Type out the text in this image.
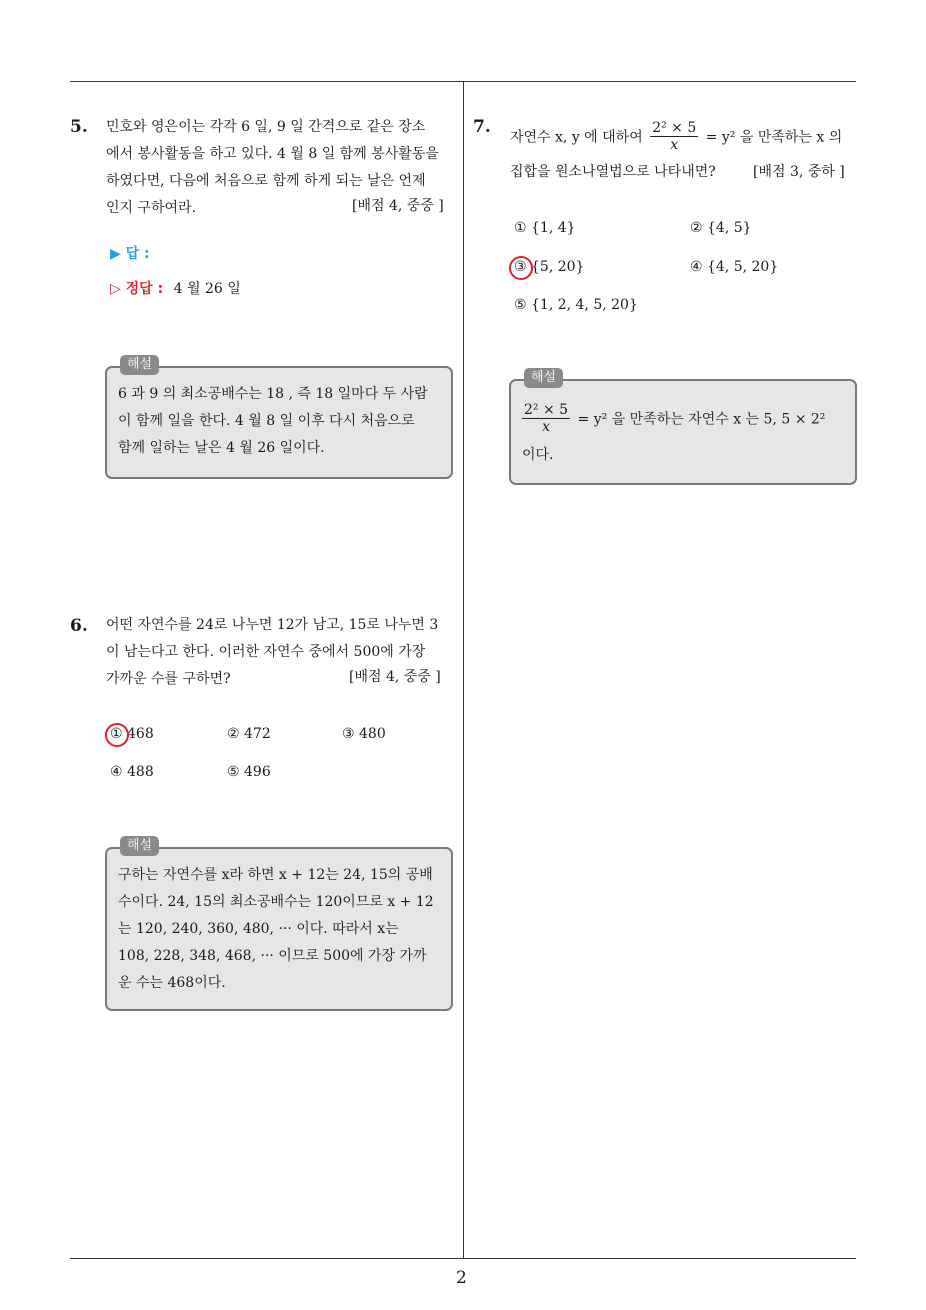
5. 민호와 영은이는 각각 6 일, 9 일 간격으로 같은 장소
에서 봉사활동을 하고 있다. 4 월 8 일 함께 봉사활동을
하였다면, 다음에 처음으로 함께 하게 되는 날은 언제
인지 구하여라.	[배점 4, 중중 ]
▶ 답 :
▷ 정답 : 4 월 26 일
해설
6 과 9 의 최소공배수는 18 , 즉 18 일마다 두 사람
이 함께 일을 한다. 4 월 8 일 이후 다시 처음으로
함께 일하는 날은 4 월 26 일이다.
6. 어떤 자연수를 24로 나누면 12가 남고, 15로 나누면 3
이 남는다고 한다. 이러한 자연수 중에서 500에 가장
가까운 수를 구하면?	[배점 4, 중중 ]
① 468	② 472	③ 480
④ 488	⑤ 496
해설
구하는 자연수를 x라 하면 x + 12는 24, 15의 공배
수이다. 24, 15의 최소공배수는 120이므로 x + 12
는 120, 240, 360, 480, ··· 이다. 따라서 x는
108, 228, 348, 468, ··· 이므로 500에 가장 가까
운 수는 468이다.
7.
자연수 x, y 에 대하여 $\frac{\text{2² × 5}}{x} = y^2$ 을 만족하는 x 의
집합을 원소나열법으로 나타내면?	[배점 3, 중하 ]
① {1, 4}	② {4, 5}
③ {5, 20}	④ {4, 5, 20}
⑤ {1, 2, 4, 5, 20}
해설
$\frac{\text{2² × 5}}{x} = y^2$ 을 만족하는 자연수 x 는 5, 5 × 2²
이다.
2
